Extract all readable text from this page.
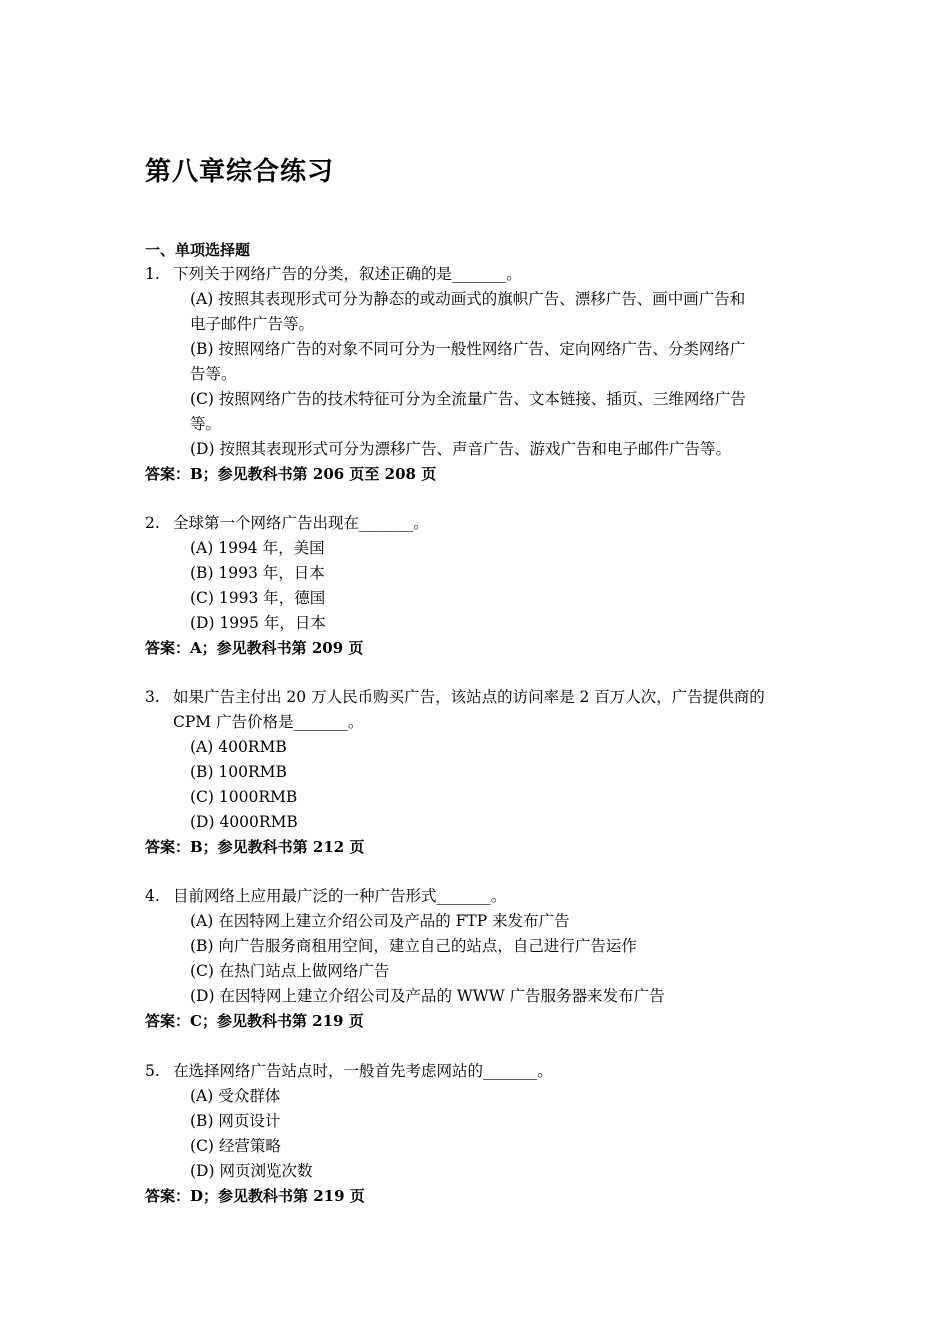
第八章综合练习
一、单项选择题
1. 下列关于网络广告的分类，叙述正确的是_______。
(A) 按照其表现形式可分为静态的或动画式的旗帜广告、漂移广告、画中画广告和
电子邮件广告等。
(B) 按照网络广告的对象不同可分为一般性网络广告、定向网络广告、分类网络广
告等。
(C) 按照网络广告的技术特征可分为全流量广告、文本链接、插页、三维网络广告
等。
(D) 按照其表现形式可分为漂移广告、声音广告、游戏广告和电子邮件广告等。
答案：B；参见教科书第 206 页至 208 页
2. 全球第一个网络广告出现在_______。
(A) 1994 年，美国
(B) 1993 年，日本
(C) 1993 年，德国
(D) 1995 年，日本
答案：A；参见教科书第 209 页
3. 如果广告主付出 20 万人民币购买广告，该站点的访问率是 2 百万人次，广告提供商的
CPM 广告价格是_______。
(A) 400RMB
(B) 100RMB
(C) 1000RMB
(D) 4000RMB
答案：B；参见教科书第 212 页
4. 目前网络上应用最广泛的一种广告形式_______。
(A) 在因特网上建立介绍公司及产品的 FTP 来发布广告
(B) 向广告服务商租用空间，建立自己的站点，自己进行广告运作
(C) 在热门站点上做网络广告
(D) 在因特网上建立介绍公司及产品的 WWW 广告服务器来发布广告
答案：C；参见教科书第 219 页
5. 在选择网络广告站点时，一般首先考虑网站的_______。
(A) 受众群体
(B) 网页设计
(C) 经营策略
(D) 网页浏览次数
答案：D；参见教科书第 219 页
